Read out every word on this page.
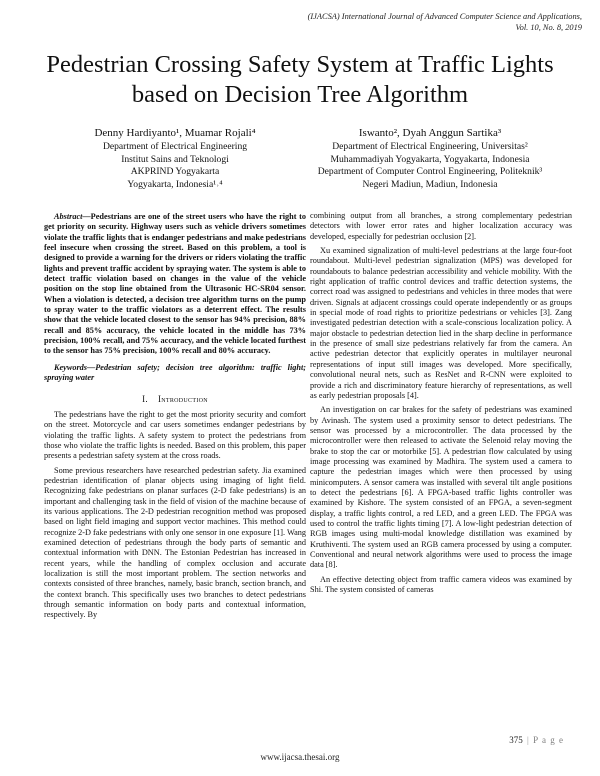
(IJACSA) International Journal of Advanced Computer Science and Applications,
Vol. 10, No. 8, 2019
Pedestrian Crossing Safety System at Traffic Lights
based on Decision Tree Algorithm
Denny Hardiyanto¹, Muamar Rojali⁴
Department of Electrical Engineering
Institut Sains and Teknologi
AKPRIND Yogyakarta
Yogyakarta, Indonesia¹˒⁴
Iswanto², Dyah Anggun Sartika³
Department of Electrical Engineering, Universitas²
Muhammadiyah Yogyakarta, Yogyakarta, Indonesia
Department of Computer Control Engineering, Politeknik³
Negeri Madiun, Madiun, Indonesia

Abstract—Pedestrians are one of the street users who have the right to get priority on security. Highway users such as vehicle drivers sometimes violate the traffic lights that is endanger pedestrians and make pedestrians feel insecure when crossing the street. Based on this problem, a tool is designed to provide a warning for the drivers or riders violating the traffic lights and prevent traffic accident by spraying water. The system is able to detect traffic violation based on changes in the value of the vehicle position on the stop line obtained from the Ultrasonic HC-SR04 sensor. When a violation is detected, a decision tree algorithm turns on the pump to spray water to the traffic violators as a deterrent effect. The results show that the vehicle located closest to the sensor has 94% precision, 88% recall and 85% accuracy, the vehicle located in the middle has 73% precision, 100% recall, and 75% accuracy, and the vehicle located furthest to the sensor has 75% precision, 100% recall and 80% accuracy.

Keywords—Pedestrian safety; decision tree algorithm: traffic light; spraying water

I. Introduction

The pedestrians have the right to get the most priority security and comfort on the street. Motorcycle and car users sometimes endanger pedestrians by violating the traffic lights. A safety system to protect the pedestrians from those who violate the traffic lights is needed. Based on this problem, this paper presents a pedestrian safety system at the cross roads.

Some previous researchers have researched pedestrian safety. Jia examined pedestrian identification of planar objects using imaging of light field. Recognizing fake pedestrians on planar surfaces (2-D fake pedestrians) is an important and challenging task in the field of vision of the machine because of its various applications. The 2-D pedestrian recognition method was proposed based on light field imaging and support vector machines. This method could recognize 2-D fake pedestrians with only one sensor in one exposure [1]. Wang examined detection of pedestrians through the body parts of semantic and contextual information with DNN. The Estonian Pedestrian has increased in recent years, while the handling of complex occlusion and accurate localization is still the most important problem. The section networks and contexts consisted of three branches, namely, basic branch, section branch, and the context branch. This specifically uses two branches to detect pedestrians through semantic information on body parts and contextual information, respectively. By

combining output from all branches, a strong complementary pedestrian detectors with lower error rates and higher localization accuracy was developed, especially for pedestrian occlusion [2].

Xu examined signalization of multi-level pedestrians at the large four-foot roundabout. Multi-level pedestrian signalization (MPS) was developed for roundabouts to balance pedestrian accessibility and vehicle mobility. With the right application of traffic control devices and traffic detection systems, the correct road was assigned to pedestrians and vehicles in three modes that were driven. Signals at adjacent crossings could operate independently or as groups in special mode of road rights to prioritize pedestrians or vehicles [3]. Zang investigated pedestrian detection with a scale-conscious localization policy. A major obstacle to pedestrian detection lied in the sharp decline in performance in the presence of small size pedestrians relatively far from the camera. An active pedestrian detector that explicitly operates in multilayer neuronal representations of input still images was developed. More specifically, convolutional neural nets, such as ResNet and R-CNN were exploited to provide a rich and discriminatory feature hierarchy of representations, as well as early pedestrian proposals [4].

An investigation on car brakes for the safety of pedestrians was examined by Avinash. The system used a proximity sensor to detect pedestrians. The sensor was processed by a microcontroller. The data processed by the microcontroller were then released to activate the Selenoid relay moving the brake to stop the car or motorbike [5]. A pedestrian flow calculated by using image processing was examined by Madhira. The system used a camera to capture the pedestrian images which were then processed by using minicomputers. A sensor camera was installed with several tilt angle positions to detect the pedestrians [6]. A FPGA-based traffic lights controller was examined by Kishore. The system consisted of an FPGA, a seven-segment display, a traffic lights control, a red LED, and a green LED. The FPGA was used to control the traffic lights timing [7]. A low-light pedestrian detection of RGB images using multi-modal knowledge distillation was examined by Kruthiventi. The system used an RGB camera processed by using a computer. Conventional and neural network algorithms were used to process the image data [8].

An effective detecting object from traffic camera videos was examined by Shi. The system consisted of cameras

375 | P a g e
www.ijacsa.thesai.org
